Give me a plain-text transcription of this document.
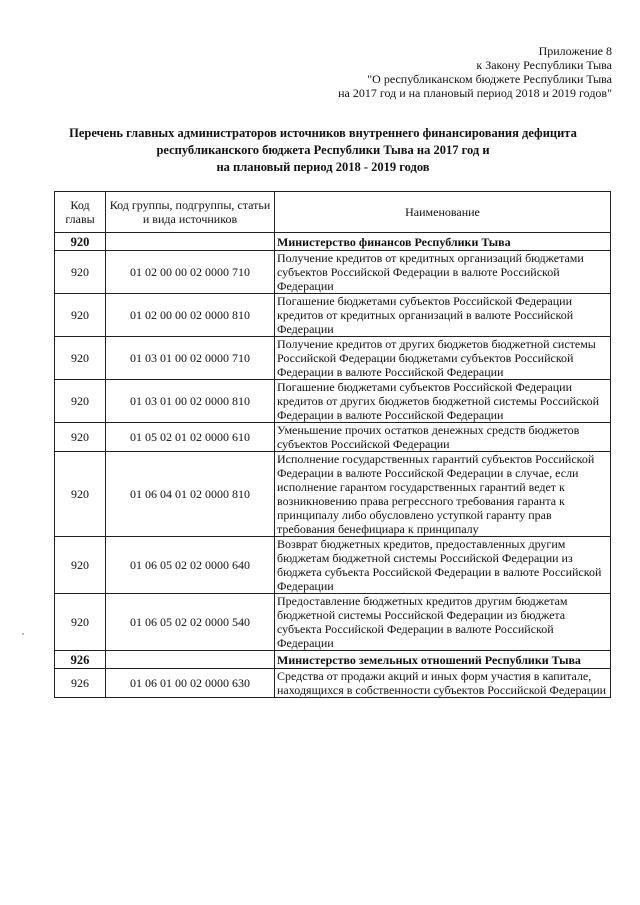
Приложение 8
к Закону Республики Тыва
"О республиканском бюджете Республики Тыва
на 2017 год и на плановый период 2018 и 2019 годов"
Перечень главных администраторов источников внутреннего финансирования дефицита
республиканского бюджета Республики Тыва на 2017 год и
на плановый период 2018 - 2019 годов
Код главы	Код группы, подгруппы, статьи и вида источников	Наименование
920		Министерство финансов Республики Тыва
920	01 02 00 00 02 0000 710	Получение кредитов от кредитных организаций бюджетами субъектов Российской Федерации в валюте Российской Федерации
920	01 02 00 00 02 0000 810	Погашение бюджетами субъектов Российской Федерации кредитов от кредитных организаций в валюте Российской Федерации
920	01 03 01 00 02 0000 710	Получение кредитов от других бюджетов бюджетной системы Российской Федерации бюджетами субъектов Российской Федерации в валюте Российской Федерации
920	01 03 01 00 02 0000 810	Погашение бюджетами субъектов Российской Федерации кредитов от других бюджетов бюджетной системы Российской Федерации в валюте Российской Федерации
920	01 05 02 01 02 0000 610	Уменьшение прочих остатков денежных средств бюджетов субъектов Российской Федерации
920	01 06 04 01 02 0000 810	Исполнение государственных гарантий субъектов Российской Федерации в валюте Российской Федерации в случае, если исполнение гарантом государственных гарантий ведет к возникновению права регрессного требования гаранта к принципалу либо обусловлено уступкой гаранту прав требования бенефициара к принципалу
920	01 06 05 02 02 0000 640	Возврат бюджетных кредитов, предоставленных другим бюджетам бюджетной системы Российской Федерации из бюджета субъекта Российской Федерации в валюте Российской Федерации
920	01 06 05 02 02 0000 540	Предоставление бюджетных кредитов другим бюджетам бюджетной системы Российской Федерации из бюджета субъекта Российской Федерации в валюте Российской Федерации
926		Министерство земельных отношений Республики Тыва
926	01 06 01 00 02 0000 630	Средства от продажи акций и иных форм участия в капитале, находящихся в собственности субъектов Российской Федерации
